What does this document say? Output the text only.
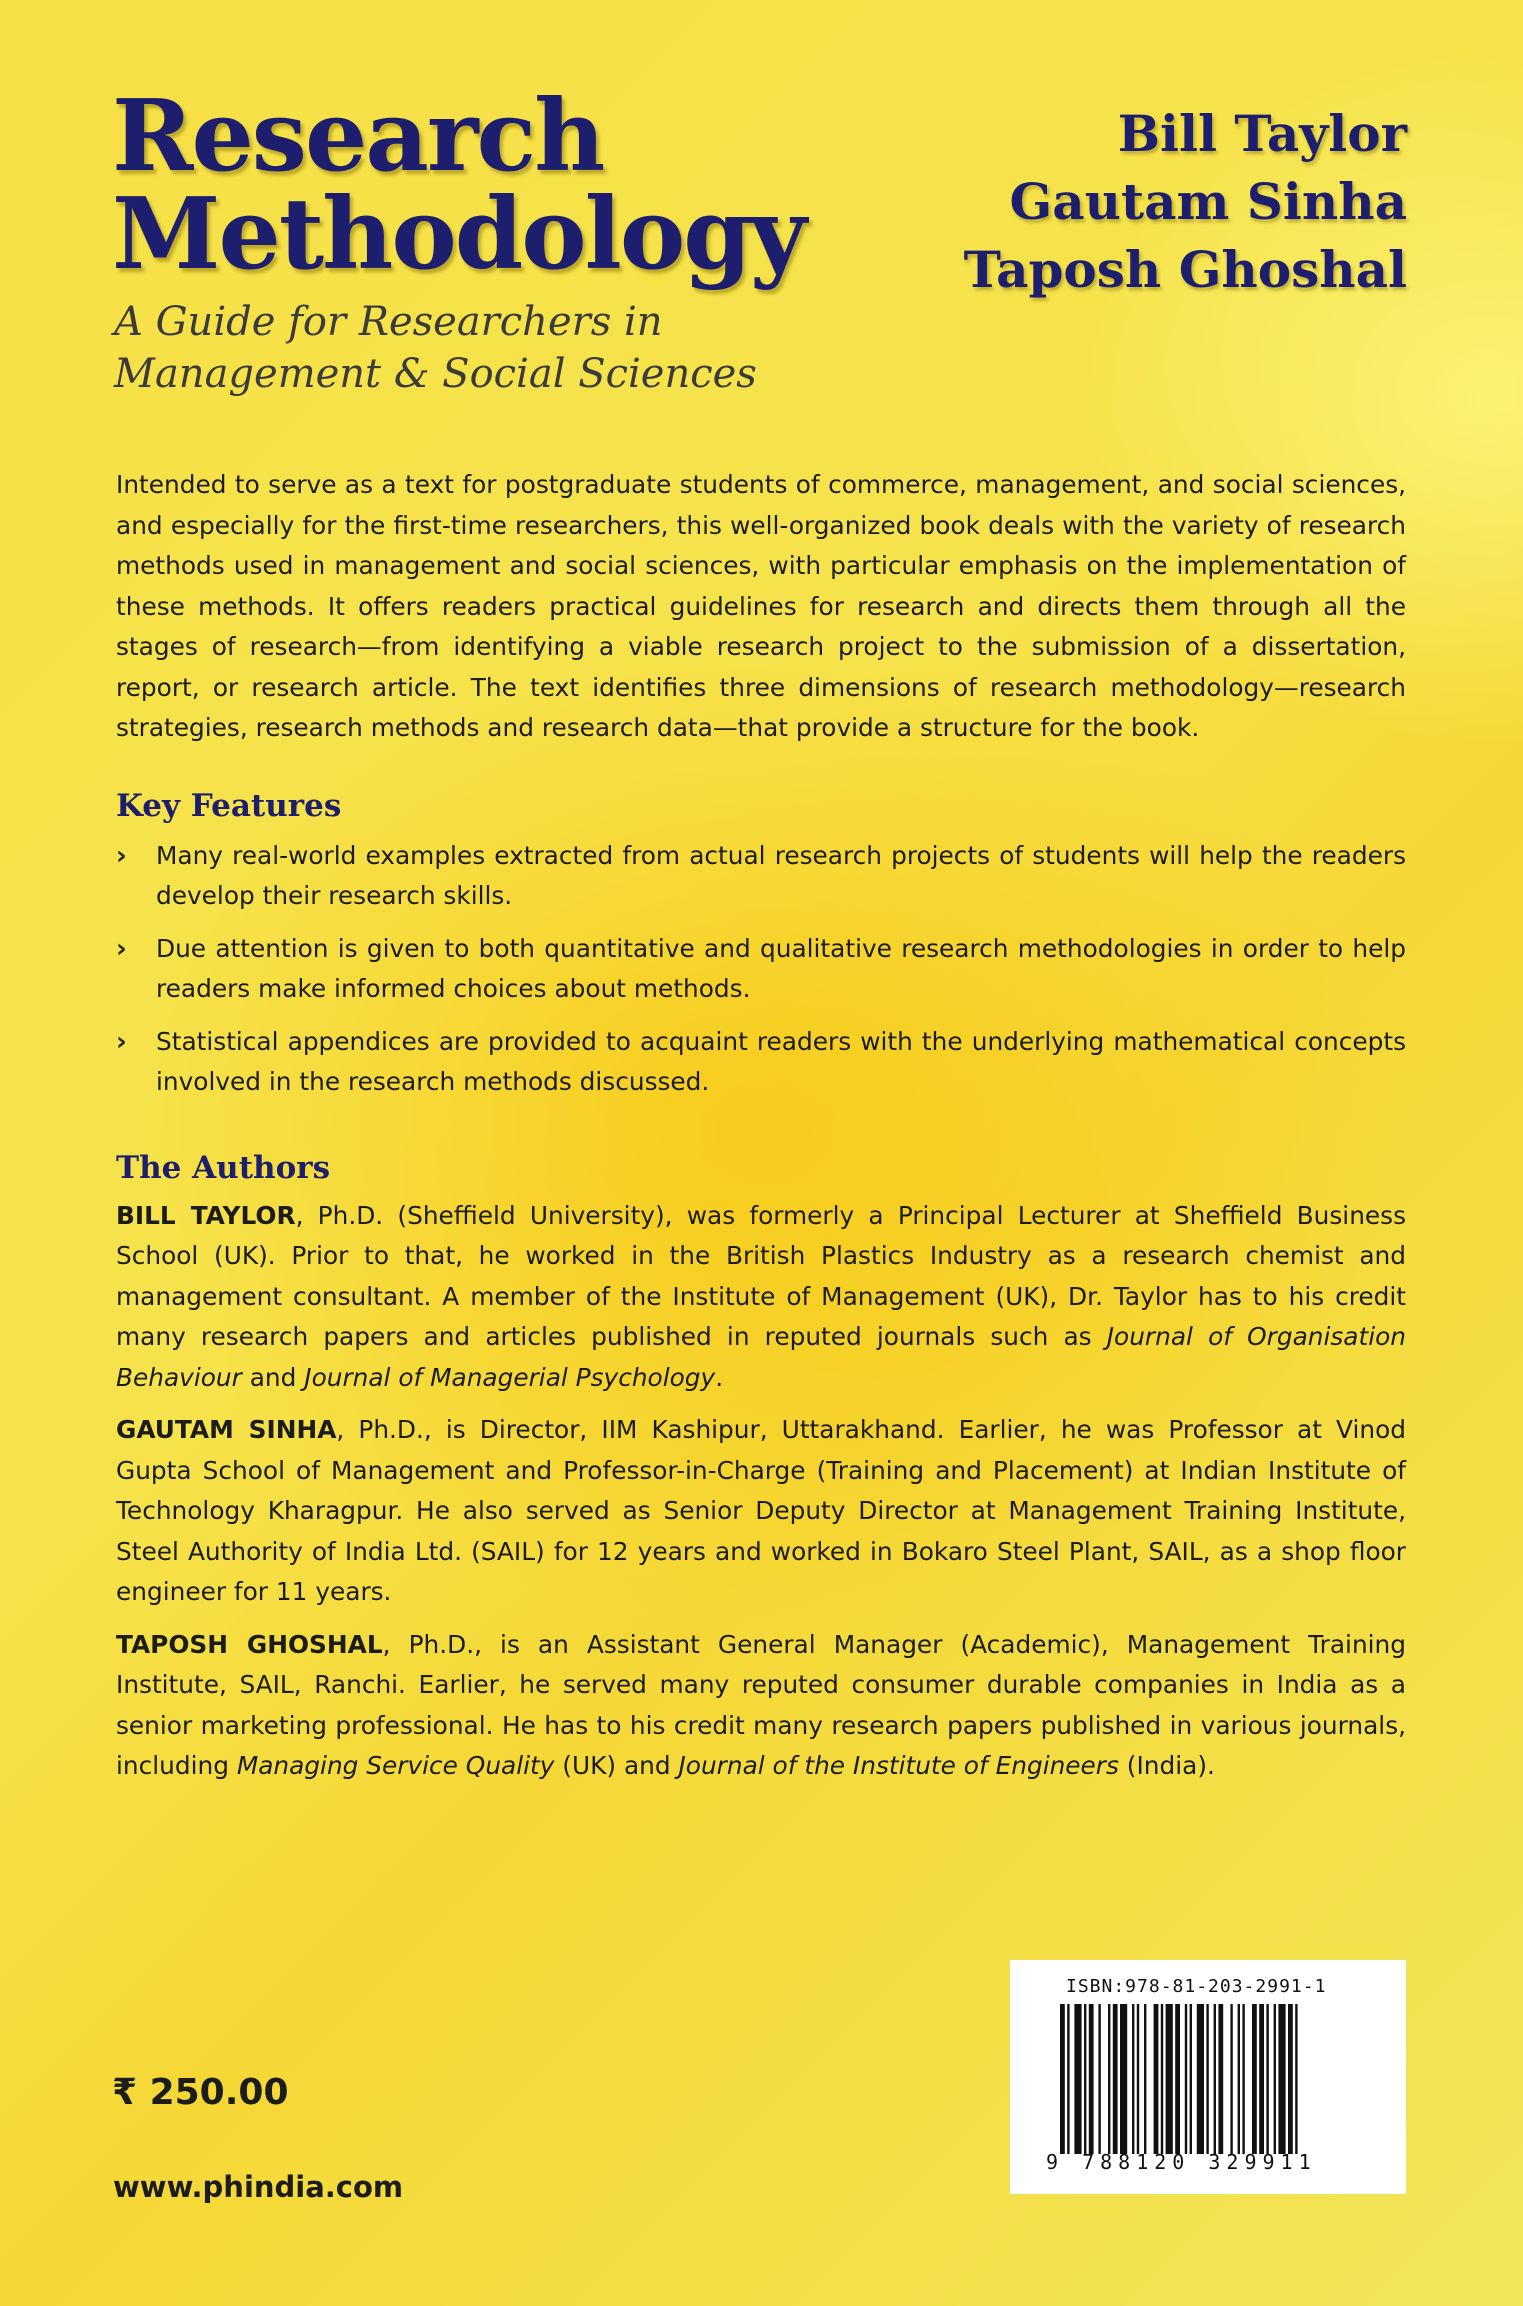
Research
Methodology
A Guide for Researchers in
Management & Social Sciences
Bill Taylor
Gautam Sinha
Taposh Ghoshal

Intended to serve as a text for postgraduate students of commerce, management, and social sciences, and especially for the first-time researchers, this well-organized book deals with the variety of research methods used in management and social sciences, with particular emphasis on the implementation of these methods. It offers readers practical guidelines for research and directs them through all the stages of research—from identifying a viable research project to the submission of a dissertation, report, or research article. The text identifies three dimensions of research methodology—research strategies, research methods and research data—that provide a structure for the book.

Key Features
› Many real-world examples extracted from actual research projects of students will help the readers develop their research skills.
› Due attention is given to both quantitative and qualitative research methodologies in order to help readers make informed choices about methods.
› Statistical appendices are provided to acquaint readers with the underlying mathematical concepts involved in the research methods discussed.
The Authors

BILL TAYLOR, Ph.D. (Sheffield University), was formerly a Principal Lecturer at Sheffield Business School (UK). Prior to that, he worked in the British Plastics Industry as a research chemist and management consultant. A member of the Institute of Management (UK), Dr. Taylor has to his credit many research papers and articles published in reputed journals such as Journal of Organisation Behaviour and Journal of Managerial Psychology.

GAUTAM SINHA, Ph.D., is Director, IIM Kashipur, Uttarakhand. Earlier, he was Professor at Vinod Gupta School of Management and Professor-in-Charge (Training and Placement) at Indian Institute of Technology Kharagpur. He also served as Senior Deputy Director at Management Training Institute, Steel Authority of India Ltd. (SAIL) for 12 years and worked in Bokaro Steel Plant, SAIL, as a shop floor engineer for 11 years.

TAPOSH GHOSHAL, Ph.D., is an Assistant General Manager (Academic), Management Training Institute, SAIL, Ranchi. Earlier, he served many reputed consumer durable companies in India as a senior marketing professional. He has to his credit many research papers published in various journals, including Managing Service Quality (UK) and Journal of the Institute of Engineers (India).

₹ 250.00
www.phindia.com
ISBN:978-81-203-2991-1
9 788120 329911
